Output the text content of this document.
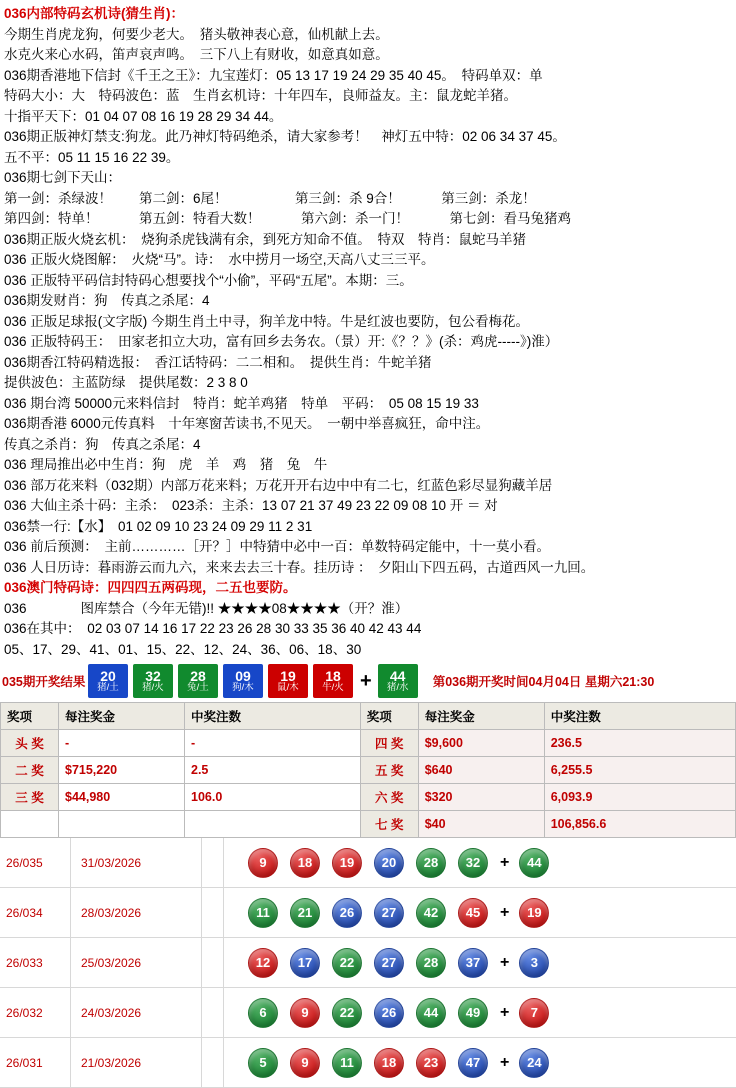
036内部特码玄机诗(猜生肖)：
今期生肖虎龙狗，何要少老大。　猪头敬神表心意，仙机献上去。
水克火来心水码，笛声哀声鸣。　三下八上有财收，如意真如意。
036期香港地下信封《千王之王》：九宝莲灯：05 13 17 19 24 29 35 40 45。　特码单双：单
特码大小：大　特码波色：蓝　生肖玄机诗：十年四车，良师益友。主：鼠龙蛇羊猪。
十指平天下：01 04 07 08 16 19 28 29 34 44。
036期正版神灯禁支:狗龙。此乃神灯特码绝杀，请大家参考！　神灯五中特：02 06 34 37 45。
五不平：05 11 15 16 22 39。
036期七剑下天山：
第一剑：杀绿波！　　第二剑：6尾！　　　　　第三剑：杀 9合！　　　第三剑：杀龙！
第四剑：特单！　　　第五剑：特看大数！　　　第六剑：杀一门！　　　第七剑：看马兔猪鸡
036期正版火烧玄机：　烧狗杀虎钱满有余，到死方知命不值。　特双　特肖：鼠蛇马羊猪
036 正版火烧图解：　火烧“马”。诗：　水中捞月一场空,天高八丈三三平。
036 正版特平码信封特码心想要找个“小偷”，平码“五尾”。本期：三。
036期发财肖：狗　传真之杀尾：4
036 正版足球报(文字版) 今期生肖土中寻，狗羊龙中特。牛是红波也要防，包公看梅花。
036 正版特码王：　田家老扣立大功，富有回乡去务农。（景）开:《？？》(杀：鸡虎-----》)淮）
036期香江特码精选报：　香江话特码：二二相和。　提供生肖：牛蛇羊猪
提供波色：主蓝防绿　提供尾数：2 3 8 0
036 期台湾 50000元来料信封　特肖：蛇羊鸡猪　特单　平码：　05 08 15 19 33
036期香港 6000元传真料　十年寒窗苦读书,不见天。　一朝中举喜疯狂，命中注。
传真之杀肖：狗　传真之杀尾：4
036 理局推出必中生肖：狗　虎　羊　鸡　猪　兔　牛
036 部万花来料（032期）内部万花来料；万花开开右边中中有二七，红蓝色彩尽显狗藏羊居
036 大仙主杀十码：主杀：　023杀：主杀：13 07 21 37 49 23 22 09 08 10 开 ＝ 对
036禁一行:【水】　01 02 09 10 23 24 09 29 11 2 31
036 前后预测：　主前…………［开？］中特猜中必中一百：单数特码定能中，十一莫小看。
036 人日历诗：暮雨游云而九六，来来去去三十春。挂历诗 ：　夕阳山下四五码，古道西风一九回。
036澳门特码诗：四四四五两码现，二五也要防。
036　　　　图库禁合（今年无错)!! ★★★★08★★★★（开？淮）
036在其中：　02 03 07 14 16 17 22 23 26 28 30 33 35 36 40 42 43 44
05、17、29、41、01、15、22、12、24、36、06、18、30
035期开奖结果	20
猪/土
32
猪/火
28
兔/土
09
狗/木
19
鼠/木
18
牛/火 +	44
猪/水	第036期开奖时间04月04日 星期六21:30
奖项	每注奖金	中奖注数	奖项	每注奖金	中奖注数
头 奖	-	-	四 奖	$9,600	236.5
二 奖	$715,220	2.5	五 奖	$640	6,255.5
三 奖	$44,980	106.0	六 奖	$320	6,093.9
			七 奖	$40	106,856.6
26/035	31/03/2026	9	18	19	20	28	32	+	44
26/034	28/03/2026	11	21	26	27	42	45	+	19
26/033	25/03/2026	12	17	22	27	28	37	+	3
26/032	24/03/2026	6	9	22	26	44	49	+	7
26/031	21/03/2026	5	9	11	18	23	47	+	24
